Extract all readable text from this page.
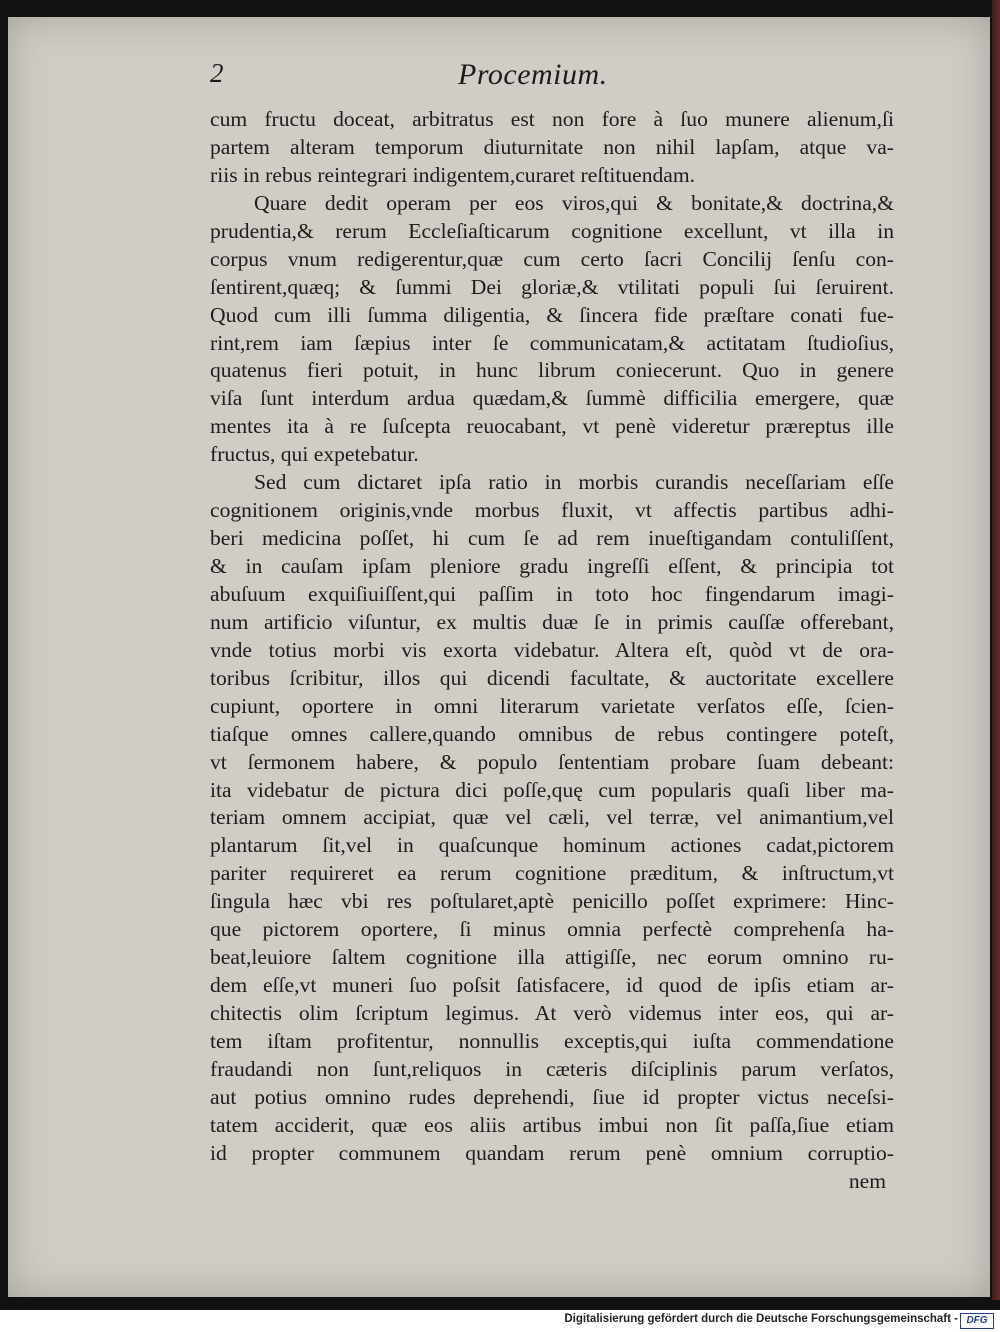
2	Procemium.
cum fructu doceat, arbitratus est non fore à ſuo munere alienum,ſi
partem alteram temporum diuturnitate non nihil lapſam, atque va-
riis in rebus reintegrari indigentem,curaret reſtituendam.
Quare dedit operam per eos viros,qui & bonitate,& doctrina,&
prudentia,& rerum Eccleſiaſticarum cognitione excellunt, vt illa in
corpus vnum redigerentur,quæ cum certo ſacri Concilij ſenſu con-
ſentirent,quæq; & ſummi Dei gloriæ,& vtilitati populi ſui ſeruirent.
Quod cum illi ſumma diligentia, & ſincera fide præſtare conati fue-
rint,rem iam ſæpius inter ſe communicatam,& actitatam ſtudioſius,
quatenus fieri potuit, in hunc librum coniecerunt. Quo in genere
viſa ſunt interdum ardua quædam,& ſummè difficilia emergere, quæ
mentes ita à re ſuſcepta reuocabant, vt penè videretur præreptus ille
fructus, qui expetebatur.
Sed cum dictaret ipſa ratio in morbis curandis neceſſariam eſſe
cognitionem originis,vnde morbus fluxit, vt affectis partibus adhi-
beri medicina poſſet, hi cum ſe ad rem inueſtigandam contuliſſent,
& in cauſam ipſam pleniore gradu ingreſſi eſſent, & principia tot
abuſuum exquiſiuiſſent,qui paſſim in toto hoc fingendarum imagi-
num artificio viſuntur, ex multis duæ ſe in primis cauſſæ offerebant,
vnde totius morbi vis exorta videbatur. Altera eſt, quòd vt de ora-
toribus ſcribitur, illos qui dicendi facultate, & auctoritate excellere
cupiunt, oportere in omni literarum varietate verſatos eſſe, ſcien-
tiaſque omnes callere,quando omnibus de rebus contingere poteſt,
vt ſermonem habere, & populo ſententiam probare ſuam debeant:
ita videbatur de pictura dici poſſe,quę cum popularis quaſi liber ma-
teriam omnem accipiat, quæ vel cæli, vel terræ, vel animantium,vel
plantarum ſit,vel in quaſcunque hominum actiones cadat,pictorem
pariter requireret ea rerum cognitione præditum, & inſtructum,vt
ſingula hæc vbi res poſtularet,aptè penicillo poſſet exprimere: Hinc-
que pictorem oportere, ſi minus omnia perfectè comprehenſa ha-
beat,leuiore ſaltem cognitione illa attigiſſe, nec eorum omnino ru-
dem eſſe,vt muneri ſuo poſsit ſatisfacere, id quod de ipſis etiam ar-
chitectis olim ſcriptum legimus. At verò videmus inter eos, qui ar-
tem iſtam profitentur, nonnullis exceptis,qui iuſta commendatione
fraudandi non ſunt,reliquos in cæteris diſciplinis parum verſatos,
aut potius omnino rudes deprehendi, ſiue id propter victus neceſsi-
tatem acciderit, quæ eos aliis artibus imbui non ſit paſſa,ſiue etiam
id propter communem quandam rerum penè omnium corruptio-
nem
Digitalisierung gefördert durch die Deutsche Forschungsgemeinschaft - DFG
